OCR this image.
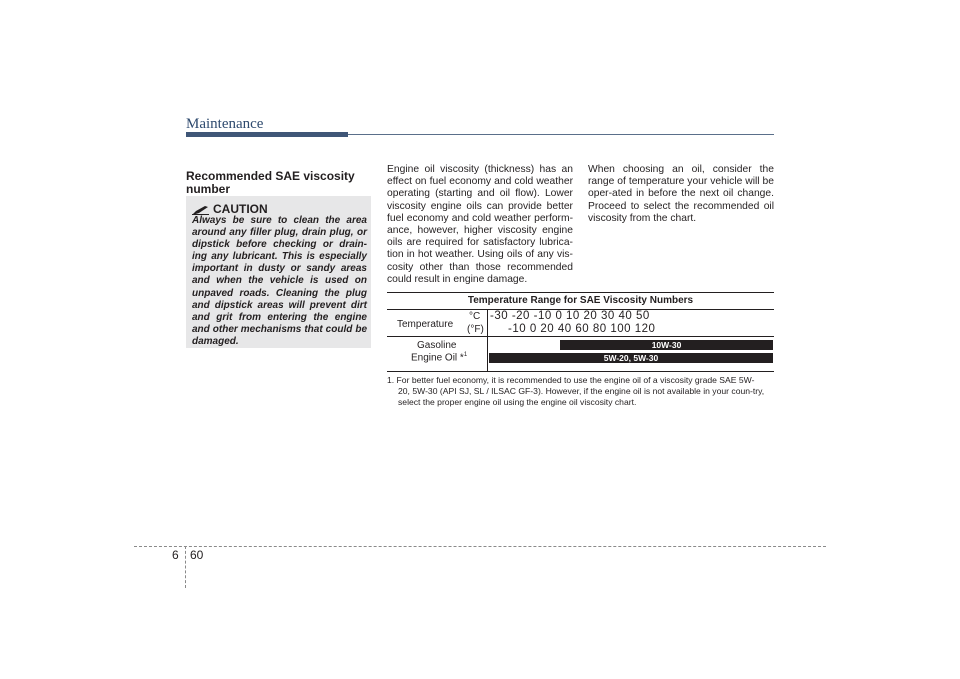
Maintenance
Recommended SAE viscosity number
CAUTION
Always be sure to clean the area around any filler plug, drain plug, or dipstick before checking or drain-ing any lubricant. This is especially important in dusty or sandy areas and when the vehicle is used on unpaved roads. Cleaning the plug and dipstick areas will prevent dirt and grit from entering the engine and other mechanisms that could be damaged.
Engine oil viscosity (thickness) has an effect on fuel economy and cold weather operating (starting and oil flow). Lower viscosity engine oils can provide better fuel economy and cold weather perform-ance, however, higher viscosity engine oils are required for satisfactory lubrica-tion in hot weather. Using oils of any vis-cosity other than those recommended could result in engine damage.
When choosing an oil, consider the range of temperature your vehicle will be oper-ated in before the next oil change. Proceed to select the recommended oil viscosity from the chart.
Temperature Range for SAE Viscosity Numbers
Temperature
°C
(°F)
-30 -20 -10 0 10 20 30 40 50
-10 0 20 40 60 80 100 120
Gasoline
Engine Oil *$^1$
10W-30
5W-20, 5W-30
1. For better fuel economy, it is recommended to use the engine oil of a viscosity grade SAE 5W-
20, 5W-30 (API SJ, SL / ILSAC GF-3). However, if the engine oil is not available in your coun-try, select the proper engine oil using the engine oil viscosity chart.
6 60
